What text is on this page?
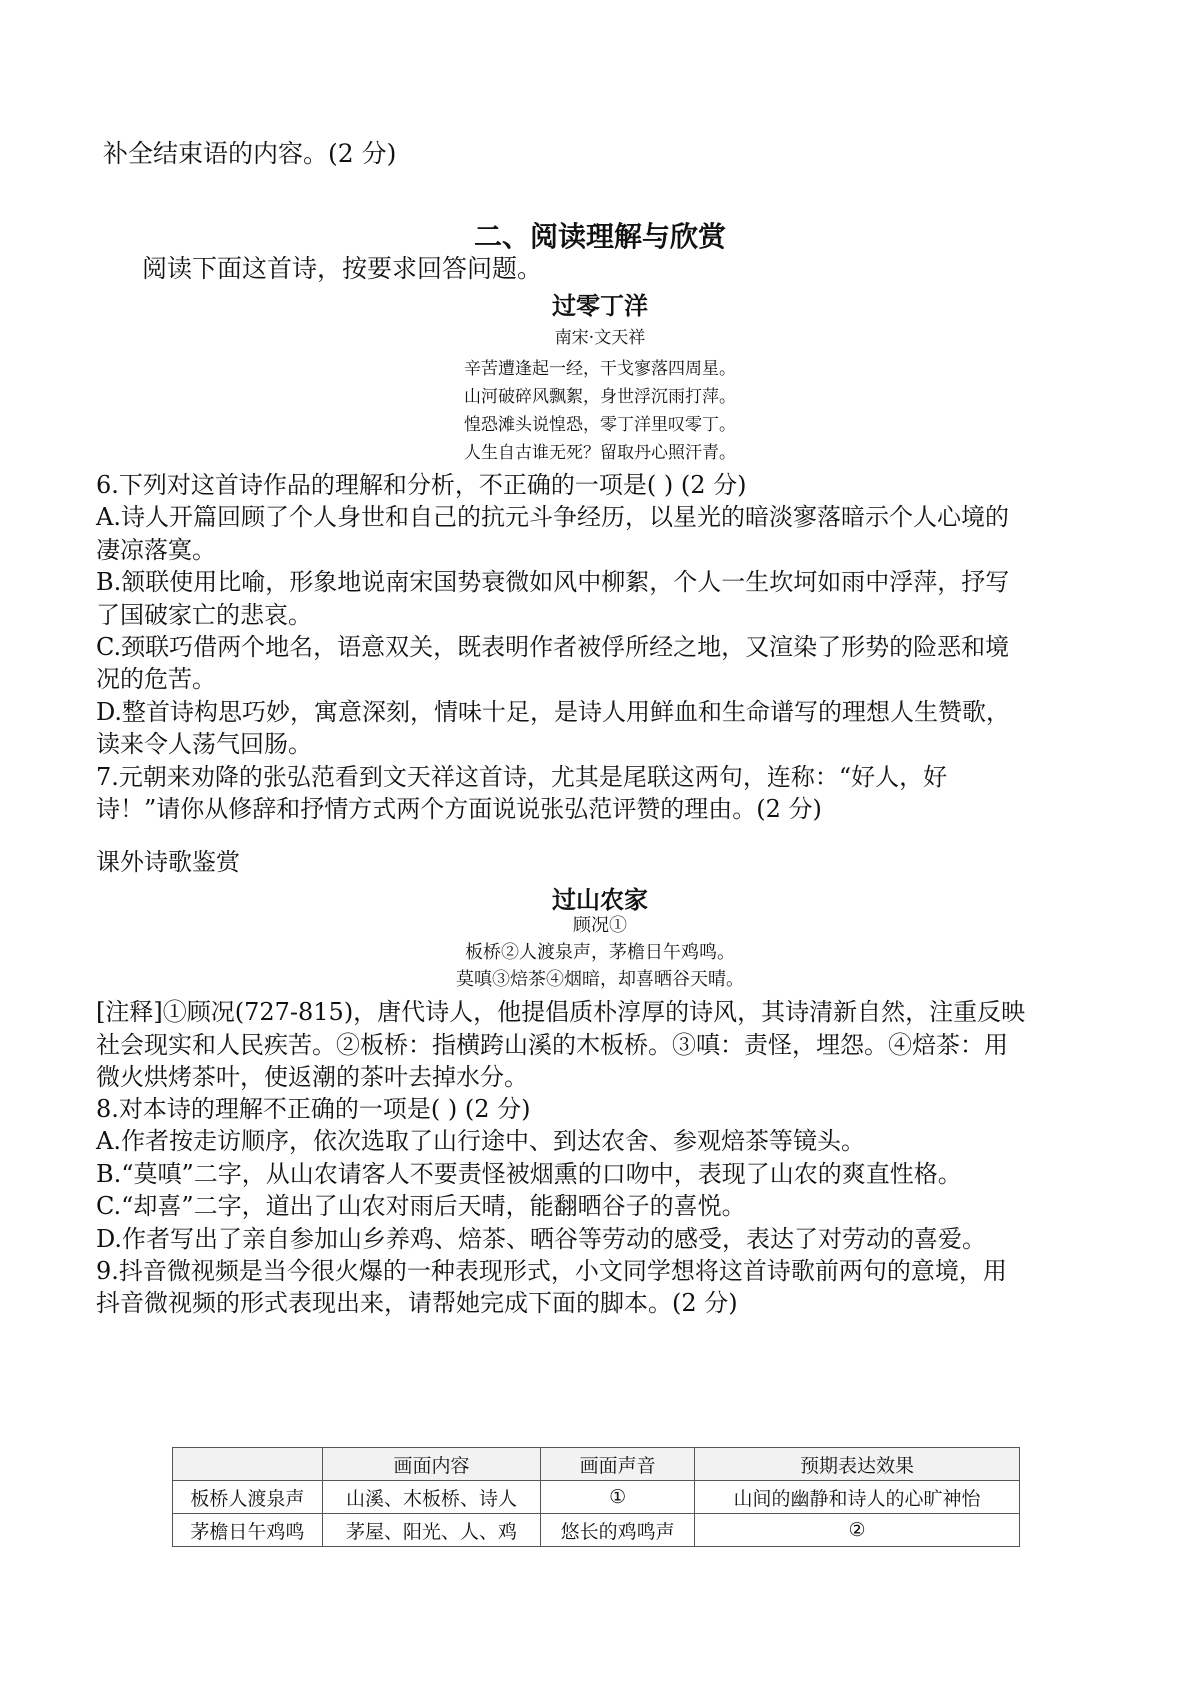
补全结束语的内容。(2 分)
二、阅读理解与欣赏
阅读下面这首诗，按要求回答问题。
过零丁洋
南宋·文天祥
辛苦遭逢起一经，干戈寥落四周星。
山河破碎风飘絮，身世浮沉雨打萍。
惶恐滩头说惶恐，零丁洋里叹零丁。
人生自古谁无死？留取丹心照汗青。
6.下列对这首诗作品的理解和分析，不正确的一项是( ) (2 分)
A.诗人开篇回顾了个人身世和自己的抗元斗争经历，以星光的暗淡寥落暗示个人心境的
凄凉落寞。
B.颔联使用比喻，形象地说南宋国势衰微如风中柳絮，个人一生坎坷如雨中浮萍，抒写
了国破家亡的悲哀。
C.颈联巧借两个地名，语意双关，既表明作者被俘所经之地，又渲染了形势的险恶和境
况的危苦。
D.整首诗构思巧妙，寓意深刻，情味十足，是诗人用鲜血和生命谱写的理想人生赞歌，
读来令人荡气回肠。
7.元朝来劝降的张弘范看到文天祥这首诗，尤其是尾联这两句，连称：“好人，好
诗！”请你从修辞和抒情方式两个方面说说张弘范评赞的理由。(2 分)
课外诗歌鉴赏
过山农家
顾况①
板桥②人渡泉声，茅檐日午鸡鸣。
莫嗔③焙茶④烟暗，却喜晒谷天晴。
[注释]①顾况(727-815)，唐代诗人，他提倡质朴淳厚的诗风，其诗清新自然，注重反映
社会现实和人民疾苦。②板桥：指横跨山溪的木板桥。③嗔：责怪，埋怨。④焙茶：用
微火烘烤茶叶，使返潮的茶叶去掉水分。
8.对本诗的理解不正确的一项是( ) (2 分)
A.作者按走访顺序，依次选取了山行途中、到达农舍、参观焙茶等镜头。
B.“莫嗔”二字，从山农请客人不要责怪被烟熏的口吻中，表现了山农的爽直性格。
C.“却喜”二字，道出了山农对雨后天晴，能翻晒谷子的喜悦。
D.作者写出了亲自参加山乡养鸡、焙茶、晒谷等劳动的感受，表达了对劳动的喜爱。
9.抖音微视频是当今很火爆的一种表现形式，小文同学想将这首诗歌前两句的意境，用
抖音微视频的形式表现出来，请帮她完成下面的脚本。(2 分)
	画面内容	画面声音	预期表达效果
板桥人渡泉声	山溪、木板桥、诗人	①	山间的幽静和诗人的心旷神怡
茅檐日午鸡鸣	茅屋、阳光、人、鸡	悠长的鸡鸣声	②
